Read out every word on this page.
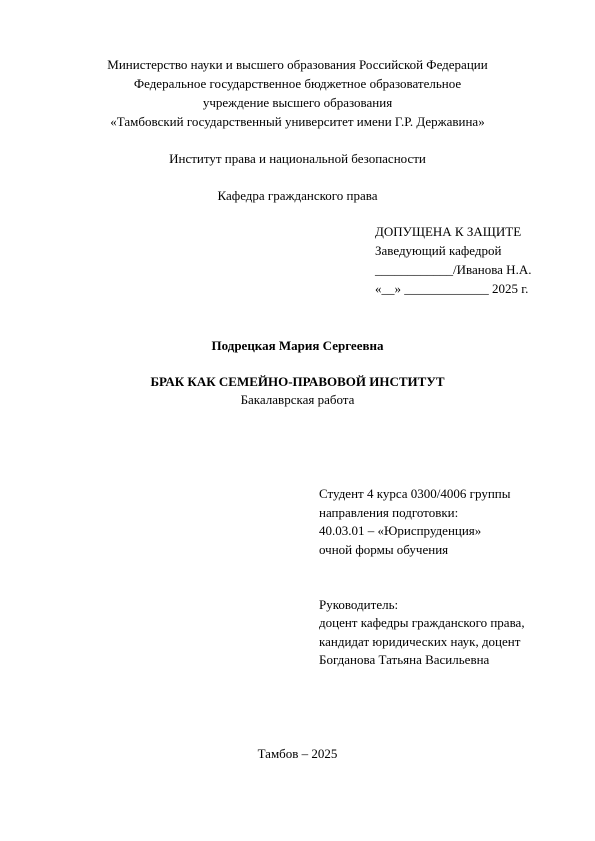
Министерство науки и высшего образования Российской Федерации
Федеральное государственное бюджетное образовательное
учреждение высшего образования
«Тамбовский государственный университет имени Г.Р. Державина»
Институт права и национальной безопасности
Кафедра гражданского права
ДОПУЩЕНА К ЗАЩИТЕ
Заведующий кафедрой
____________/Иванова Н.А.
«__» _____________ 2025 г.
Подрецкая Мария Сергеевна
БРАК КАК СЕМЕЙНО-ПРАВОВОЙ ИНСТИТУТ
Бакалаврская работа
Студент 4 курса 0300/4006 группы
направления подготовки:
40.03.01 – «Юриспруденция»
очной формы обучения
Руководитель:
доцент кафедры гражданского права,
кандидат юридических наук, доцент
Богданова Татьяна Васильевна
Тамбов – 2025
